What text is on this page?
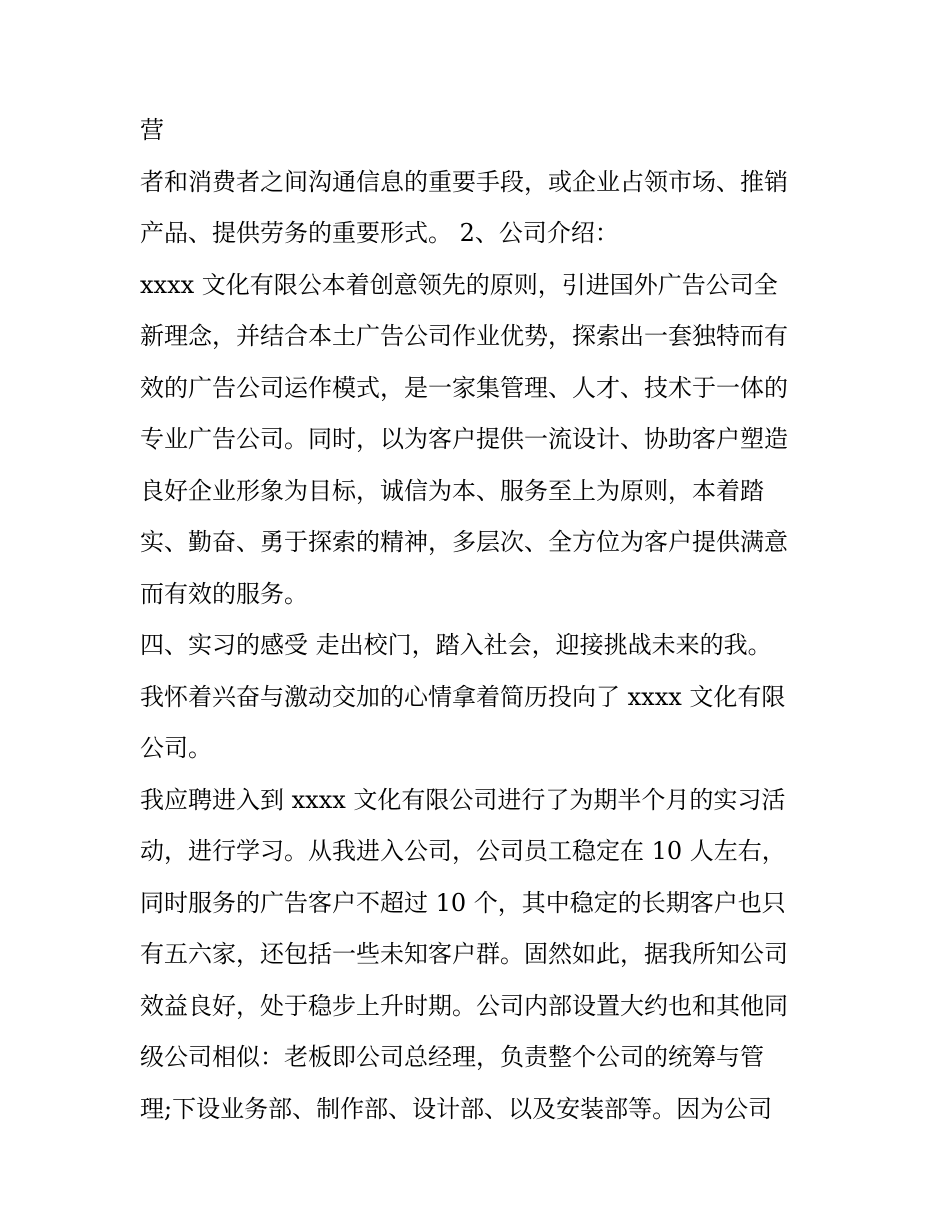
营
者和消费者之间沟通信息的重要手段，或企业占领市场、推销
产品、提供劳务的重要形式。 2、公司介绍：
xxxx 文化有限公本着创意领先的原则，引进国外广告公司全
新理念，并结合本土广告公司作业优势，探索出一套独特而有
效的广告公司运作模式，是一家集管理、人才、技术于一体的
专业广告公司。同时，以为客户提供一流设计、协助客户塑造
良好企业形象为目标，诚信为本、服务至上为原则，本着踏
实、勤奋、勇于探索的精神，多层次、全方位为客户提供满意
而有效的服务。
四、实习的感受 走出校门，踏入社会，迎接挑战未来的我。
我怀着兴奋与激动交加的心情拿着简历投向了 xxxx 文化有限
公司。
我应聘进入到 xxxx 文化有限公司进行了为期半个月的实习活
动，进行学习。从我进入公司，公司员工稳定在 10 人左右，
同时服务的广告客户不超过 10 个，其中稳定的长期客户也只
有五六家，还包括一些未知客户群。固然如此，据我所知公司
效益良好，处于稳步上升时期。公司内部设置大约也和其他同
级公司相似：老板即公司总经理，负责整个公司的统筹与管
理;下设业务部、制作部、设计部、以及安装部等。因为公司
